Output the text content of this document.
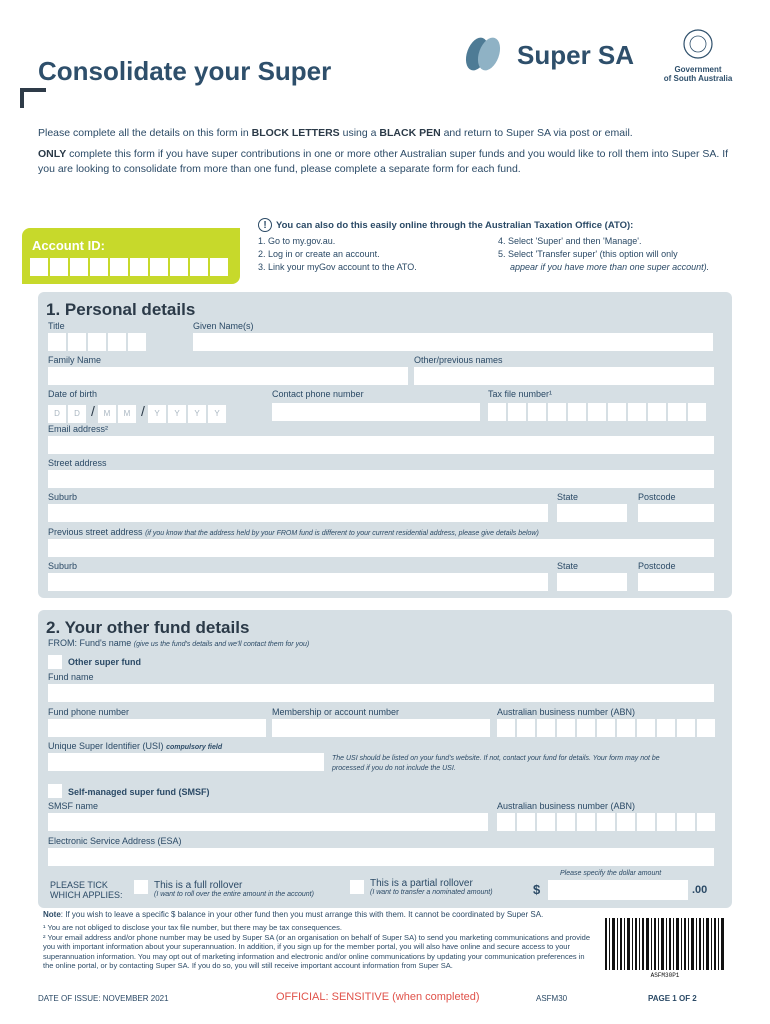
Consolidate your Super
Super SA	Government
of South Australia

Please complete all the details on this form in BLOCK LETTERS using a BLACK PEN and return to Super SA via post or email.

ONLY complete this form if you have super contributions in one or more other Australian super funds and you would like to roll them into Super SA. If you are looking to consolidate from more than one fund, please complete a separate form for each fund.

Account ID:
! You can also do this easily online through the Australian Taxation Office (ATO):
1. Go to my.gov.au.
2. Log in or create an account.
3. Link your myGov account to the ATO.
4. Select 'Super' and then 'Manage'.
5. Select 'Transfer super' (this option will only
appear if you have more than one super account).
1. Personal details
Title	Given Name(s)
Family Name	Other/previous names
Date of birth	Contact phone number	Tax file number¹
D D / M M / Y Y Y Y
Email address²
Street address
Suburb	State	Postcode
Previous street address (if you know that the address held by your FROM fund is different to your current residential address, please give details below)
Suburb	State	Postcode
2. Your other fund details
FROM: Fund's name (give us the fund's details and we'll contact them for you)
Other super fund
Fund name
Fund phone number	Membership or account number	Australian business number (ABN)
Unique Super Identifier (USI) compulsory field
The USI should be listed on your fund's website. If not, contact your fund for details. Your form may not be
processed if you do not include the USI.
Self-managed super fund (SMSF)
SMSF name	Australian business number (ABN)
Electronic Service Address (ESA)
PLEASE TICK
WHICH APPLIES:
This is a full rollover
(I want to roll over the entire amount in the account)
This is a partial rollover
(I want to transfer a nominated amount)
Please specify the dollar amount
$	.00
Note: If you wish to leave a specific $ balance in your other fund then you must arrange this with them. It cannot be coordinated by Super SA.
¹ You are not obliged to disclose your tax file number, but there may be tax consequences.
² Your email address and/or phone number may be used by Super SA (or an organisation on behalf of Super SA) to send you marketing communications and provide you with important information about your superannuation. In addition, if you sign up for the member portal, you will also have online and secure access to your superannuation information. You may opt out of marketing information and electronic and/or online communications by updating your communication preferences in the online portal, or by contacting Super SA. If you do so, you will still receive important account information from Super SA.
ASFM30P1
DATE OF ISSUE: NOVEMBER 2021	OFFICIAL: SENSITIVE (when completed)	ASFM30	PAGE 1 OF 2
